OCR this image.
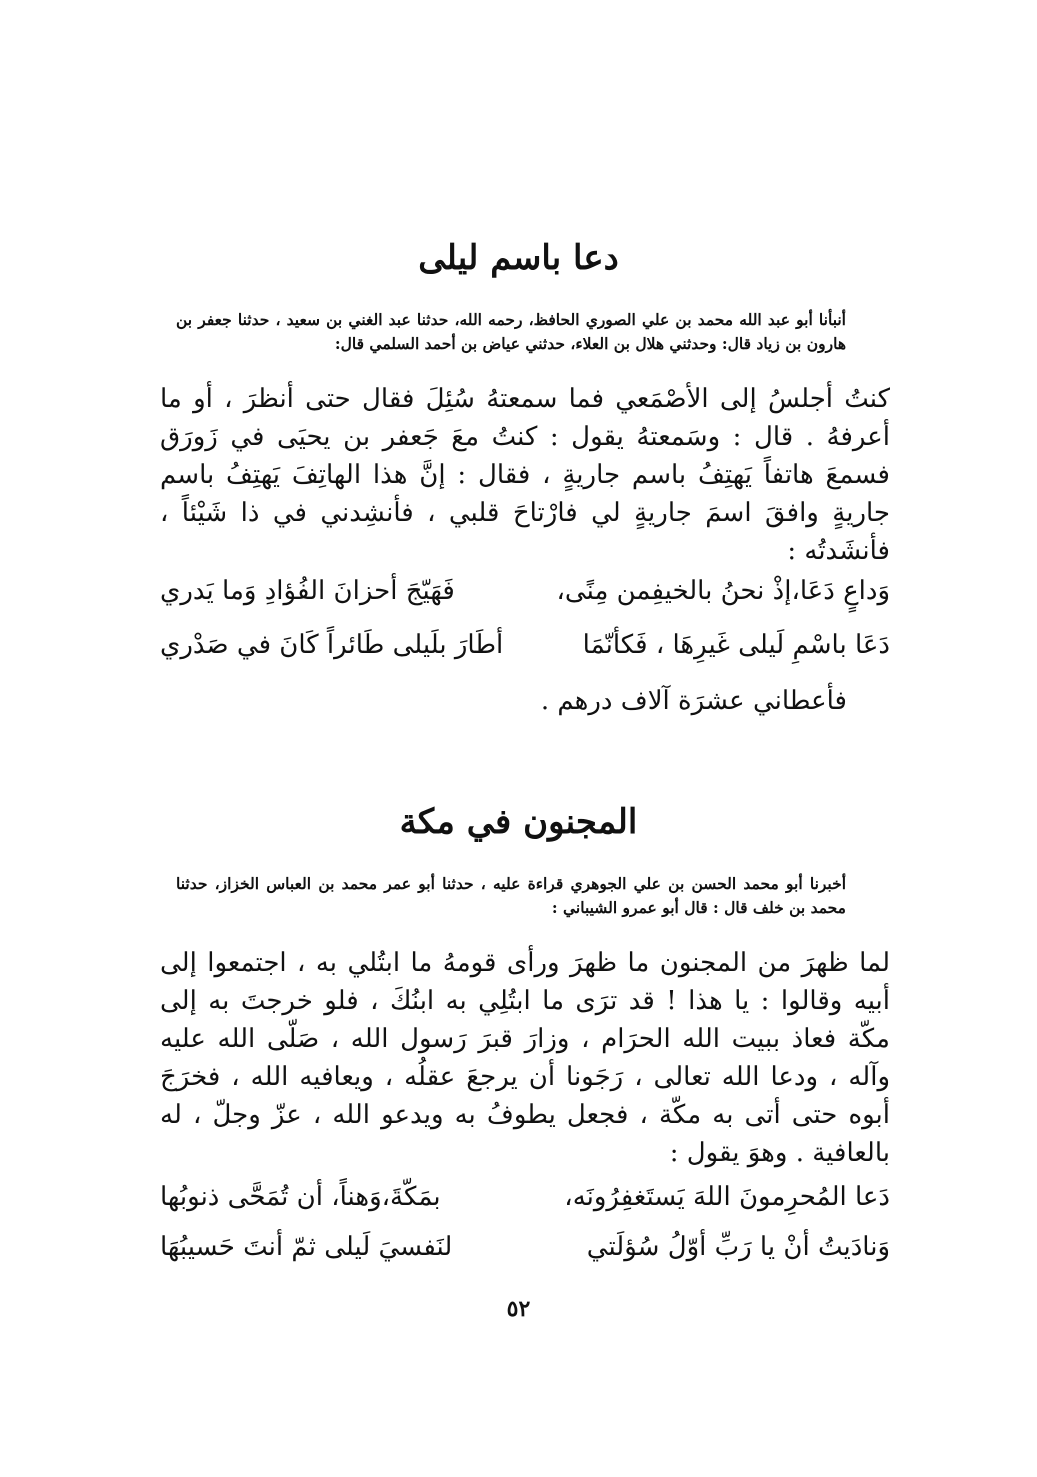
دعا باسم ليلى

أنبأنا أبو عبد الله محمد بن علي الصوري الحافظ، رحمه الله، حدثنا عبد الغني بن سعيد ، حدثنا جعفر بن هارون بن زياد قال: وحدثني هلال بن العلاء، حدثني عياض بن أحمد السلمي قال:

كنتُ أجلسُ إلى الأصْمَعي فما سمعتهُ سُئِلَ فقال حتى أنظرَ ، أو ما أعرفهُ . قال : وسَمعتهُ يقول : كنتُ معَ جَعفر بن يحيَى في زَورَق فسمعَ هاتفاً يَهتِفُ باسم جاريةٍ ، فقال : إنَّ هذا الهاتِفَ يَهتِفُ باسم جاريةٍ وافقَ اسمَ جاريةٍ لي فارْتاحَ قلبي ، فأنشِدني في ذا شَيْئاً ، فأنشَدتُه :

وَداعٍ دَعَا،إذْ نحنُ بالخيفِمن مِنًى،
فَهَيّجَ أحزانَ الفُؤادِ وَما يَدري
دَعَا باسْمِ لَيلى غَيرِهَا ، فَكأنّمَا
أطَارَ بلَيلى طَائراً كَانَ في صَدْري
فأعطاني عشرَة آلاف درهم .
المجنون في مكة

أخبرنا أبو محمد الحسن بن علي الجوهري قراءة عليه ، حدثنا أبو عمر محمد بن العباس الخزاز، حدثنا محمد بن خلف قال : قال أبو عمرو الشيباني :

لما ظهرَ من المجنون ما ظهرَ ورأى قومهُ ما ابتُلي به ، اجتمعوا إلى أبيه وقالوا : يا هذا ! قد ترَى ما ابتُلِي به ابنُكَ ، فلو خرجتَ به إلى مكّة فعاذ ببيت الله الحرَام ، وزارَ قبرَ رَسول الله ، صَلّى الله عليه وآله ، ودعا الله تعالى ، رَجَونا أن يرجعَ عقلُه ، ويعافيه الله ، فخرَجَ أبوه حتى أتى به مكّة ، فجعل يطوفُ به ويدعو الله ، عزّ وجلّ ، له بالعافية . وهوَ يقول :

دَعا المُحرِمونَ اللهَ يَستَغفِرُونَه،
بمَكّةَ،وَهناً، أن تُمَحَّى ذنوبُها
وَنادَيتُ أنْ يا رَبِّ أوّلُ سُؤلَتي
لنَفسيَ لَيلى ثمّ أنتَ حَسيبُهَا
٥٢
